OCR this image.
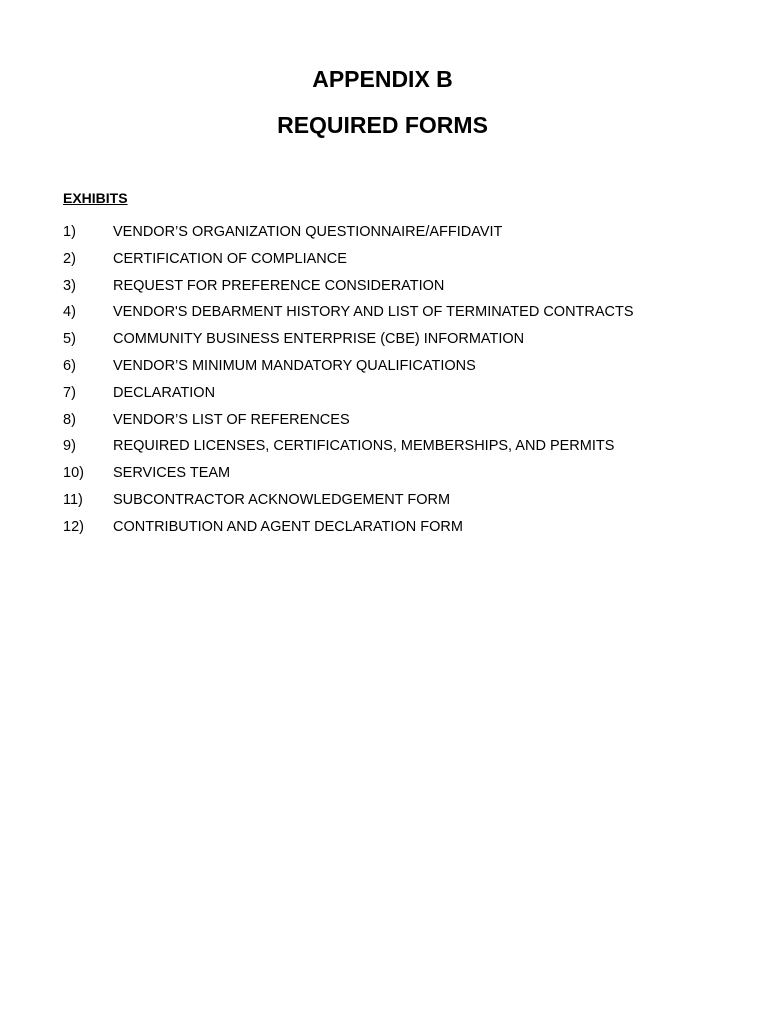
APPENDIX B
REQUIRED FORMS
EXHIBITS
1)	VENDOR’S ORGANIZATION QUESTIONNAIRE/AFFIDAVIT
2)	CERTIFICATION OF COMPLIANCE
3)	REQUEST FOR PREFERENCE CONSIDERATION
4)	VENDOR'S DEBARMENT HISTORY AND LIST OF TERMINATED CONTRACTS
5)	COMMUNITY BUSINESS ENTERPRISE (CBE) INFORMATION
6)	VENDOR’S MINIMUM MANDATORY QUALIFICATIONS
7)	DECLARATION
8)	VENDOR’S LIST OF REFERENCES
9)	REQUIRED LICENSES, CERTIFICATIONS, MEMBERSHIPS, AND PERMITS
10)	SERVICES TEAM
11)	SUBCONTRACTOR ACKNOWLEDGEMENT FORM
12)	CONTRIBUTION AND AGENT DECLARATION FORM
